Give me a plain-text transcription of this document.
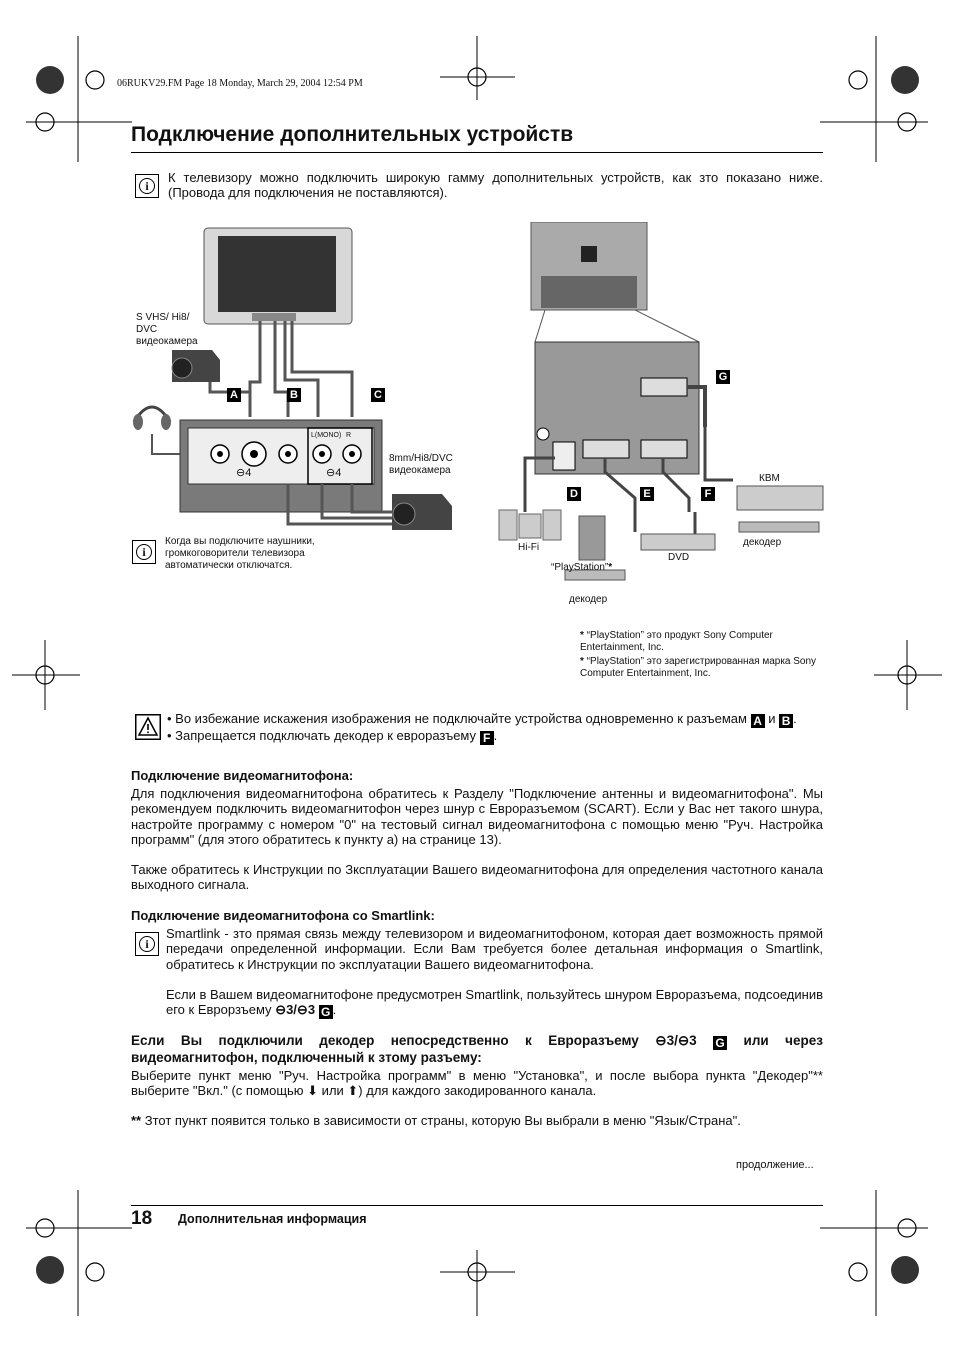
06RUKV29.FM Page 18 Monday, March 29, 2004 12:54 PM
Подключение дополнительных устройств
i
К телевизору можно подключить широкую гамму дополнительных устройств, как зто показано ниже. (Провода для подключения не поставляются).
S VHS/ Hi8/ DVC видеокамера
A	B	C
L(MONO) R
⊖4	⊖4
8mm/Hi8/DVC видеокамера
i
Когда вы подключите наушники, громкоговорители телевизора автоматически отключатся.
G
D	E	F
КВМ
декодер
Hi-Fi
DVD
“PlayStation”*
декодер
* “PlayStation” это продукт Sony Computer Entertainment, Inc.
* “PlayStation” это зарегистрированная марка Sony Computer Entertainment, Inc.
• Во избежание искажения изображения не подключайте устройства одновременно к разъемам A и B .
• Запрещается подключать декодер к евроразъему F .
Подключение видеомагнитофона:
Для подключения видеомагнитофона обратитесь к Разделу "Подключение антенны и видеомагнитофона". Мы рекомендуем подключить видеомагнитофон через шнур с Евроразъемом (SCART). Если у Вас нет такого шнура, настройте программу с номером "0" на тестовый сигнал видеомагнитофона с помощью меню "Руч. Настройка программ" (для этого обратитесь к пункту а) на странице 13).
Также обратитесь к Инструкции по Зксплуатации Вашего видеомагнитофона для определения частотного канала выходного сигнала.
Подключение видеомагнитофона со Smartlink:
i
Smartlink - зто прямая связь между телевизором и видеомагнитофоном, которая дает возможность прямой передачи определенной информации. Если Вам требуется более детальная информация о Smartlink, обратитесь к Инструкции по эксплуатации Вашего видеомагнитофона.
Если в Вашем видеомагнитофоне предусмотрен Smartlink, пользуйтесь шнуром Евроразъема, подсоединив его к Еврорзъему ⊖3/⊖3 G .
Если Вы подключили декодер непосредственно к Евроразъему ⊖3/⊖3 G или через видеомагнитофон, подключенный к зтому разъему:
Выберите пункт меню "Руч. Настройка программ" в меню "Установка", и после выбора пункта "Декодер"** выберите "Вкл." (с помощью ⬇ или ⬆) для каждого закодированного канала.
** Зтот пункт появится только в зависимости от страны, которую Вы выбрали в меню "Язык/Страна".
продолжение...
18 Дополнительная информация
